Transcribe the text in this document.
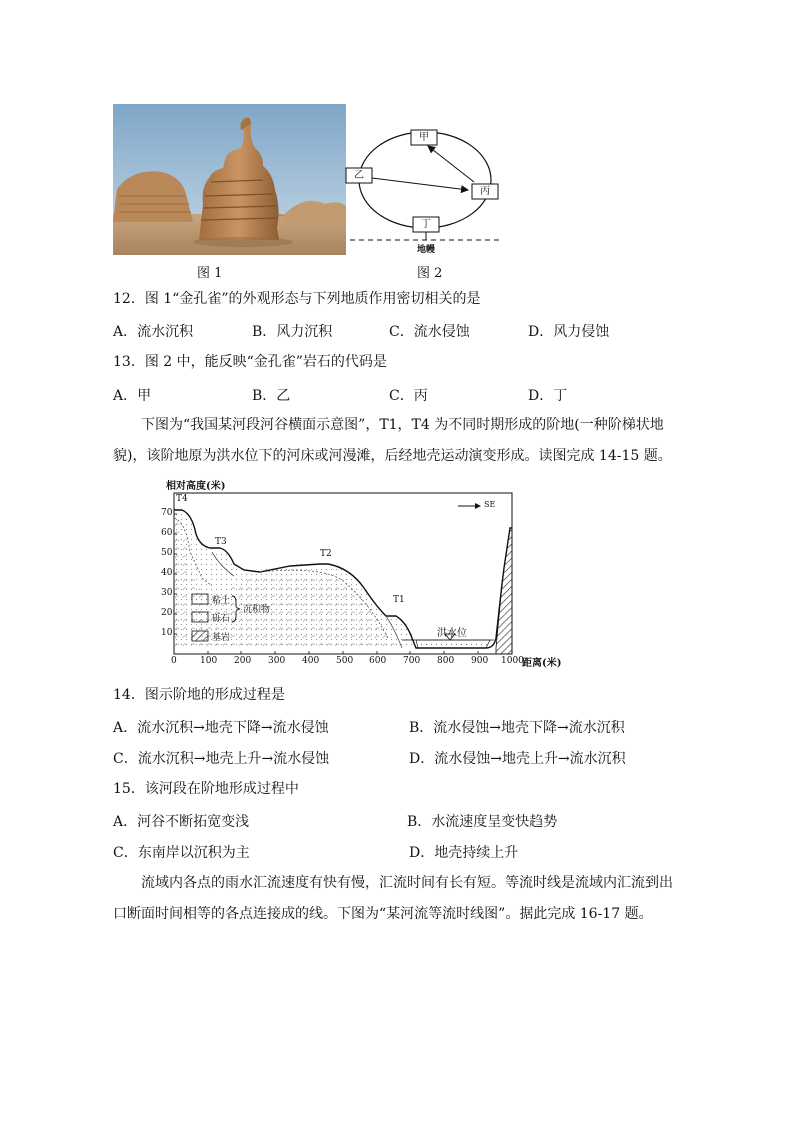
图 1
甲
乙
丙
丁
地幔
图 2
12．图 1“金孔雀”的外观形态与下列地质作用密切相关的是
A．流水沉积	B．风力沉积	C．流水侵蚀	D．风力侵蚀
13．图 2 中，能反映“金孔雀”岩石的代码是
A．甲	B．乙	C．丙	D．丁
下图为“我国某河段河谷横面示意图”，T1，T4 为不同时期形成的阶地(一种阶梯状地
貌)，该阶地原为洪水位下的河床或河漫滩，后经地壳运动演变形成。读图完成 14-15 题。
相对高度(米)
70
60
50
40
30
20
10
0	100 200 300 400 500 600 700 800 900 1000
距离(米)
T4
T3
T2
T1
SE
洪水位
粘土
砾石
基岩
沉积物
14．图示阶地的形成过程是
A．流水沉积→地壳下降→流水侵蚀	B．流水侵蚀→地壳下降→流水沉积
C．流水沉积→地壳上升→流水侵蚀	D．流水侵蚀→地壳上升→流水沉积
15．该河段在阶地形成过程中
A．河谷不断拓宽变浅	B．水流速度呈变快趋势
C．东南岸以沉积为主	D．地壳持续上升
流域内各点的雨水汇流速度有快有慢，汇流时间有长有短。等流时线是流域内汇流到出
口断面时间相等的各点连接成的线。下图为“某河流等流时线图”。据此完成 16-17 题。
